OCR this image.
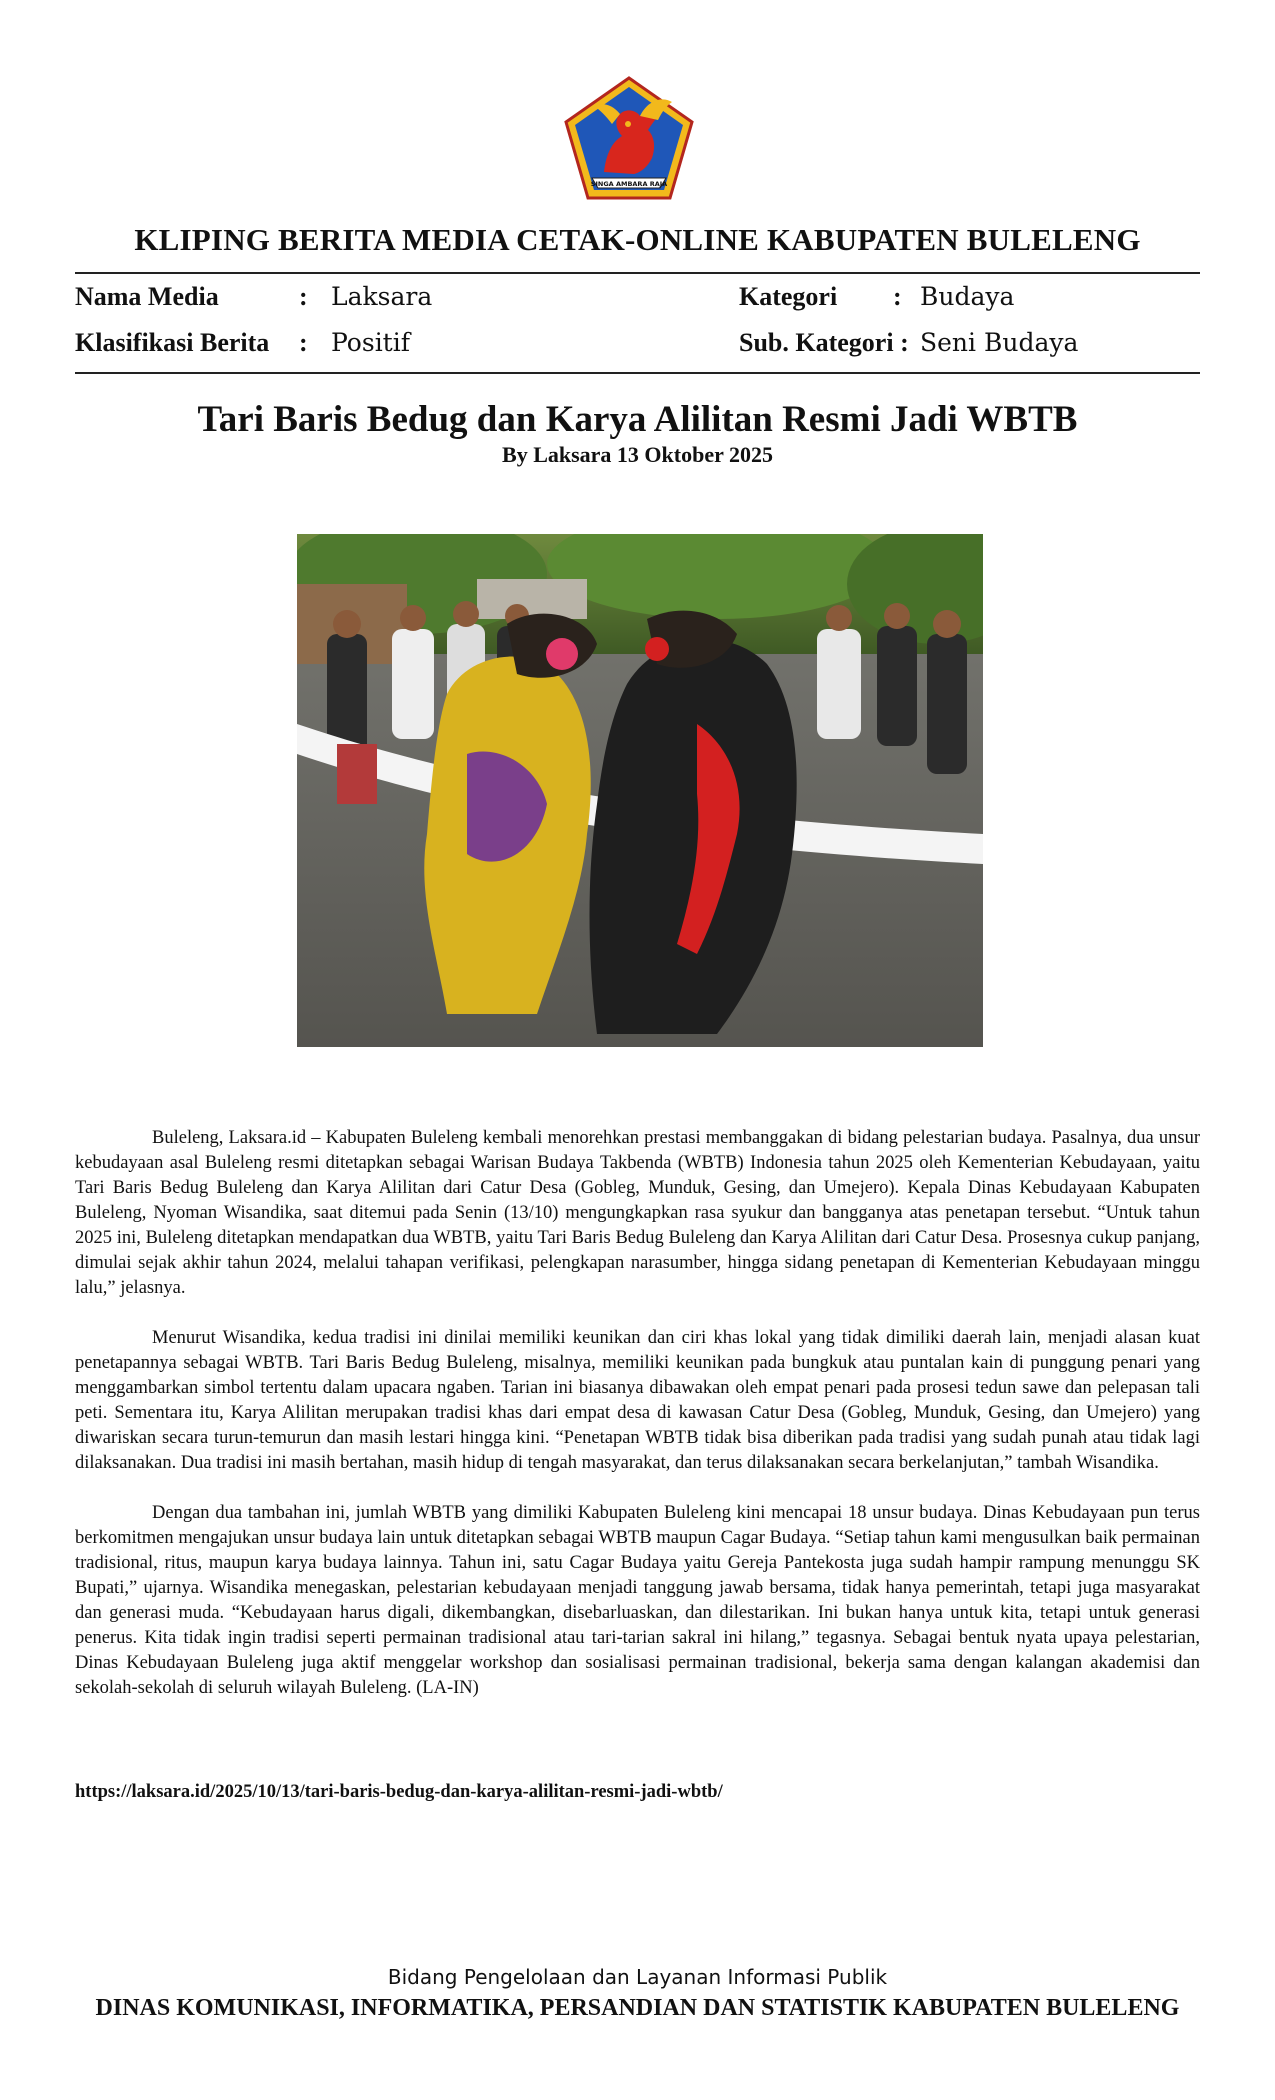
SINGA AMBARA RAJA
KLIPING BERITA MEDIA CETAK-ONLINE KABUPATEN BULELENG
Nama Media	: Laksara
Klasifikasi Berita : Positif
Kategori : Budaya
Sub. Kategori : Seni Budaya
Tari Baris Bedug dan Karya Alilitan Resmi Jadi WBTB
By Laksara 13 Oktober 2025

Buleleng, Laksara.id – Kabupaten Buleleng kembali menorehkan prestasi membanggakan di bidang pelestarian budaya. Pasalnya, dua unsur kebudayaan asal Buleleng resmi ditetapkan sebagai Warisan Budaya Takbenda (WBTB) Indonesia tahun 2025 oleh Kementerian Kebudayaan, yaitu Tari Baris Bedug Buleleng dan Karya Alilitan dari Catur Desa (Gobleg, Munduk, Gesing, dan Umejero). Kepala Dinas Kebudayaan Kabupaten Buleleng, Nyoman Wisandika, saat ditemui pada Senin (13/10) mengungkapkan rasa syukur dan bangganya atas penetapan tersebut. “Untuk tahun 2025 ini, Buleleng ditetapkan mendapatkan dua WBTB, yaitu Tari Baris Bedug Buleleng dan Karya Alilitan dari Catur Desa. Prosesnya cukup panjang, dimulai sejak akhir tahun 2024, melalui tahapan verifikasi, pelengkapan narasumber, hingga sidang penetapan di Kementerian Kebudayaan minggu lalu,” jelasnya.

Menurut Wisandika, kedua tradisi ini dinilai memiliki keunikan dan ciri khas lokal yang tidak dimiliki daerah lain, menjadi alasan kuat penetapannya sebagai WBTB. Tari Baris Bedug Buleleng, misalnya, memiliki keunikan pada bungkuk atau puntalan kain di punggung penari yang menggambarkan simbol tertentu dalam upacara ngaben. Tarian ini biasanya dibawakan oleh empat penari pada prosesi tedun sawe dan pelepasan tali peti. Sementara itu, Karya Alilitan merupakan tradisi khas dari empat desa di kawasan Catur Desa (Gobleg, Munduk, Gesing, dan Umejero) yang diwariskan secara turun-temurun dan masih lestari hingga kini. “Penetapan WBTB tidak bisa diberikan pada tradisi yang sudah punah atau tidak lagi dilaksanakan. Dua tradisi ini masih bertahan, masih hidup di tengah masyarakat, dan terus dilaksanakan secara berkelanjutan,” tambah Wisandika.

Dengan dua tambahan ini, jumlah WBTB yang dimiliki Kabupaten Buleleng kini mencapai 18 unsur budaya. Dinas Kebudayaan pun terus berkomitmen mengajukan unsur budaya lain untuk ditetapkan sebagai WBTB maupun Cagar Budaya. “Setiap tahun kami mengusulkan baik permainan tradisional, ritus, maupun karya budaya lainnya. Tahun ini, satu Cagar Budaya yaitu Gereja Pantekosta juga sudah hampir rampung menunggu SK Bupati,” ujarnya. Wisandika menegaskan, pelestarian kebudayaan menjadi tanggung jawab bersama, tidak hanya pemerintah, tetapi juga masyarakat dan generasi muda. “Kebudayaan harus digali, dikembangkan, disebarluaskan, dan dilestarikan. Ini bukan hanya untuk kita, tetapi untuk generasi penerus. Kita tidak ingin tradisi seperti permainan tradisional atau tari-tarian sakral ini hilang,” tegasnya. Sebagai bentuk nyata upaya pelestarian, Dinas Kebudayaan Buleleng juga aktif menggelar workshop dan sosialisasi permainan tradisional, bekerja sama dengan kalangan akademisi dan sekolah-sekolah di seluruh wilayah Buleleng. (LA-IN)

https://laksara.id/2025/10/13/tari-baris-bedug-dan-karya-alilitan-resmi-jadi-wbtb/
Bidang Pengelolaan dan Layanan Informasi Publik
DINAS KOMUNIKASI, INFORMATIKA, PERSANDIAN DAN STATISTIK KABUPATEN BULELENG
